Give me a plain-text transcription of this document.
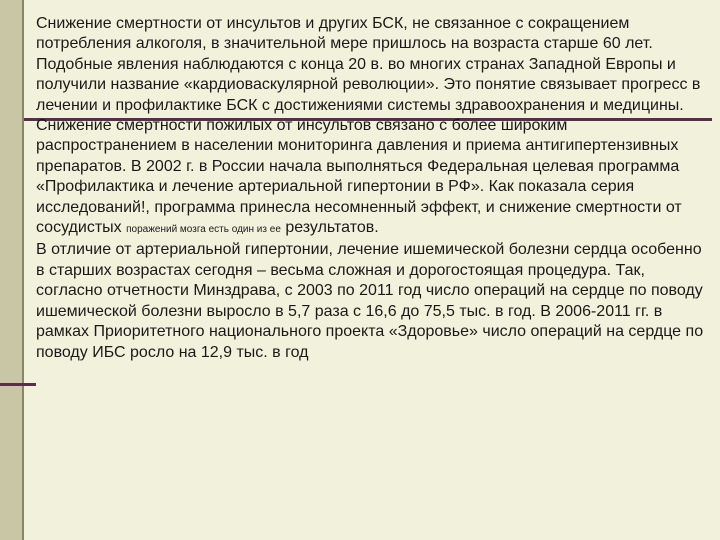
Снижение смертности от инсультов и других БСК, не связанное с сокращением потребления алкоголя, в значительной мере пришлось на возраста старше 60 лет. Подобные явления наблюдаются с конца 20 в. во многих странах Западной Европы и получили название «кардиоваскулярной революции». Это понятие связывает прогресс в лечении и профилактике БСК с достижениями системы здравоохранения и медицины.

Снижение смертности пожилых от инсультов связано с более широким распространением в населении мониторинга давления и приема антигипертензивных препаратов. В 2002 г. в России начала выполняться Федеральная целевая программа «Профилактика и лечение артериальной гипертонии в РФ». Как показала серия исследований!, программа принесла несомненный эффект, и снижение смертности от сосудистых поражений мозга есть один из ее результатов.

В отличие от артериальной гипертонии, лечение ишемической болезни сердца особенно в старших возрастах сегодня – весьма сложная и дорогостоящая процедура. Так, согласно отчетности Минздрава, с 2003 по 2011 год число операций на сердце по поводу ишемической болезни выросло в 5,7 раза с 16,6 до 75,5 тыс. в год. В 2006-2011 гг. в рамках Приоритетного национального проекта «Здоровье» число операций на сердце по поводу ИБС росло на 12,9 тыс. в год
